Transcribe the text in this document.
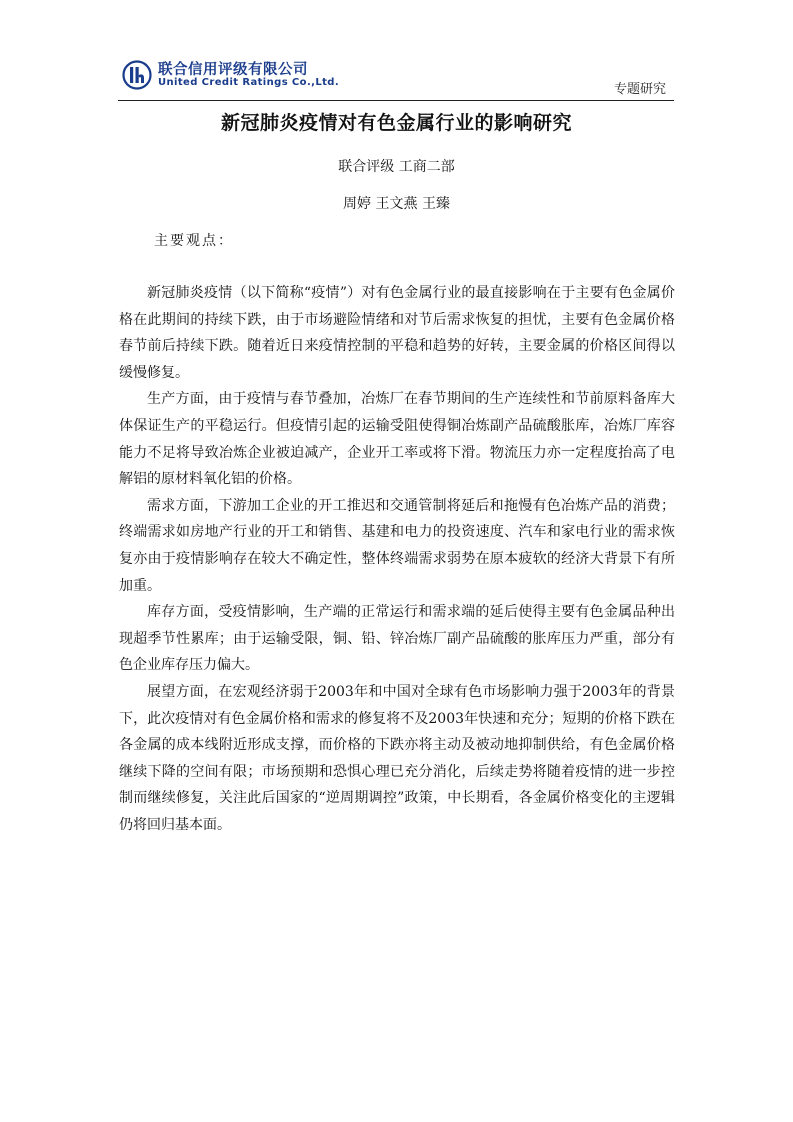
联合信用评级有限公司
United Credit Ratings Co.,Ltd.	专题研究
新冠肺炎疫情对有色金属行业的影响研究
联合评级 工商二部
周婷 王文燕 王臻
主要观点：

新冠肺炎疫情（以下简称“疫情”）对有色金属行业的最直接影响在于主要有色金属价格在此期间的持续下跌，由于市场避险情绪和对节后需求恢复的担忧，主要有色金属价格春节前后持续下跌。随着近日来疫情控制的平稳和趋势的好转，主要金属的价格区间得以缓慢修复。

生产方面，由于疫情与春节叠加，冶炼厂在春节期间的生产连续性和节前原料备库大体保证生产的平稳运行。但疫情引起的运输受阻使得铜冶炼副产品硫酸胀库，冶炼厂库容能力不足将导致冶炼企业被迫减产，企业开工率或将下滑。物流压力亦一定程度抬高了电解铝的原材料氧化铝的价格。

需求方面，下游加工企业的开工推迟和交通管制将延后和拖慢有色冶炼产品的消费；终端需求如房地产行业的开工和销售、基建和电力的投资速度、汽车和家电行业的需求恢复亦由于疫情影响存在较大不确定性，整体终端需求弱势在原本疲软的经济大背景下有所加重。

库存方面，受疫情影响，生产端的正常运行和需求端的延后使得主要有色金属品种出现超季节性累库；由于运输受限，铜、铅、锌冶炼厂副产品硫酸的胀库压力严重，部分有色企业库存压力偏大。

展望方面，在宏观经济弱于2003年和中国对全球有色市场影响力强于2003年的背景下，此次疫情对有色金属价格和需求的修复将不及2003年快速和充分；短期的价格下跌在各金属的成本线附近形成支撑，而价格的下跌亦将主动及被动地抑制供给，有色金属价格继续下降的空间有限；市场预期和恐惧心理已充分消化，后续走势将随着疫情的进一步控制而继续修复，关注此后国家的“逆周期调控”政策，中长期看，各金属价格变化的主逻辑仍将回归基本面。
